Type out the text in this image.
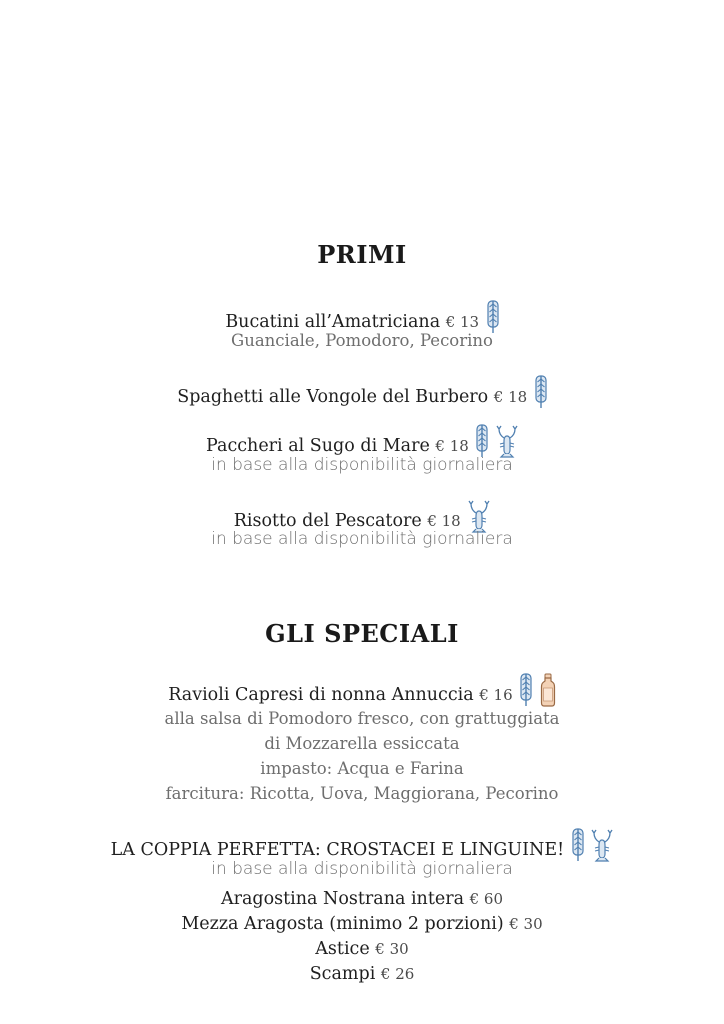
PRIMI
Bucatini all’Amatriciana € 13
Guanciale, Pomodoro, Pecorino
Spaghetti alle Vongole del Burbero € 18
Paccheri al Sugo di Mare € 18

in base alla disponibilità giornaliera
Risotto del Pescatore € 18
in base alla disponibilità giornaliera
GLI SPECIALI
Ravioli Capresi di nonna Annuccia € 16

alla salsa di Pomodoro fresco, con grattuggiata
di Mozzarella essiccata
impasto: Acqua e Farina
farcitura: Ricotta, Uova, Maggiorana, Pecorino
LA COPPIA PERFETTA: CROSTACEI E LINGUINE!

in base alla disponibilità giornaliera
Aragostina Nostrana intera € 60
Mezza Aragosta (minimo 2 porzioni) € 30
Astice € 30
Scampi € 26
